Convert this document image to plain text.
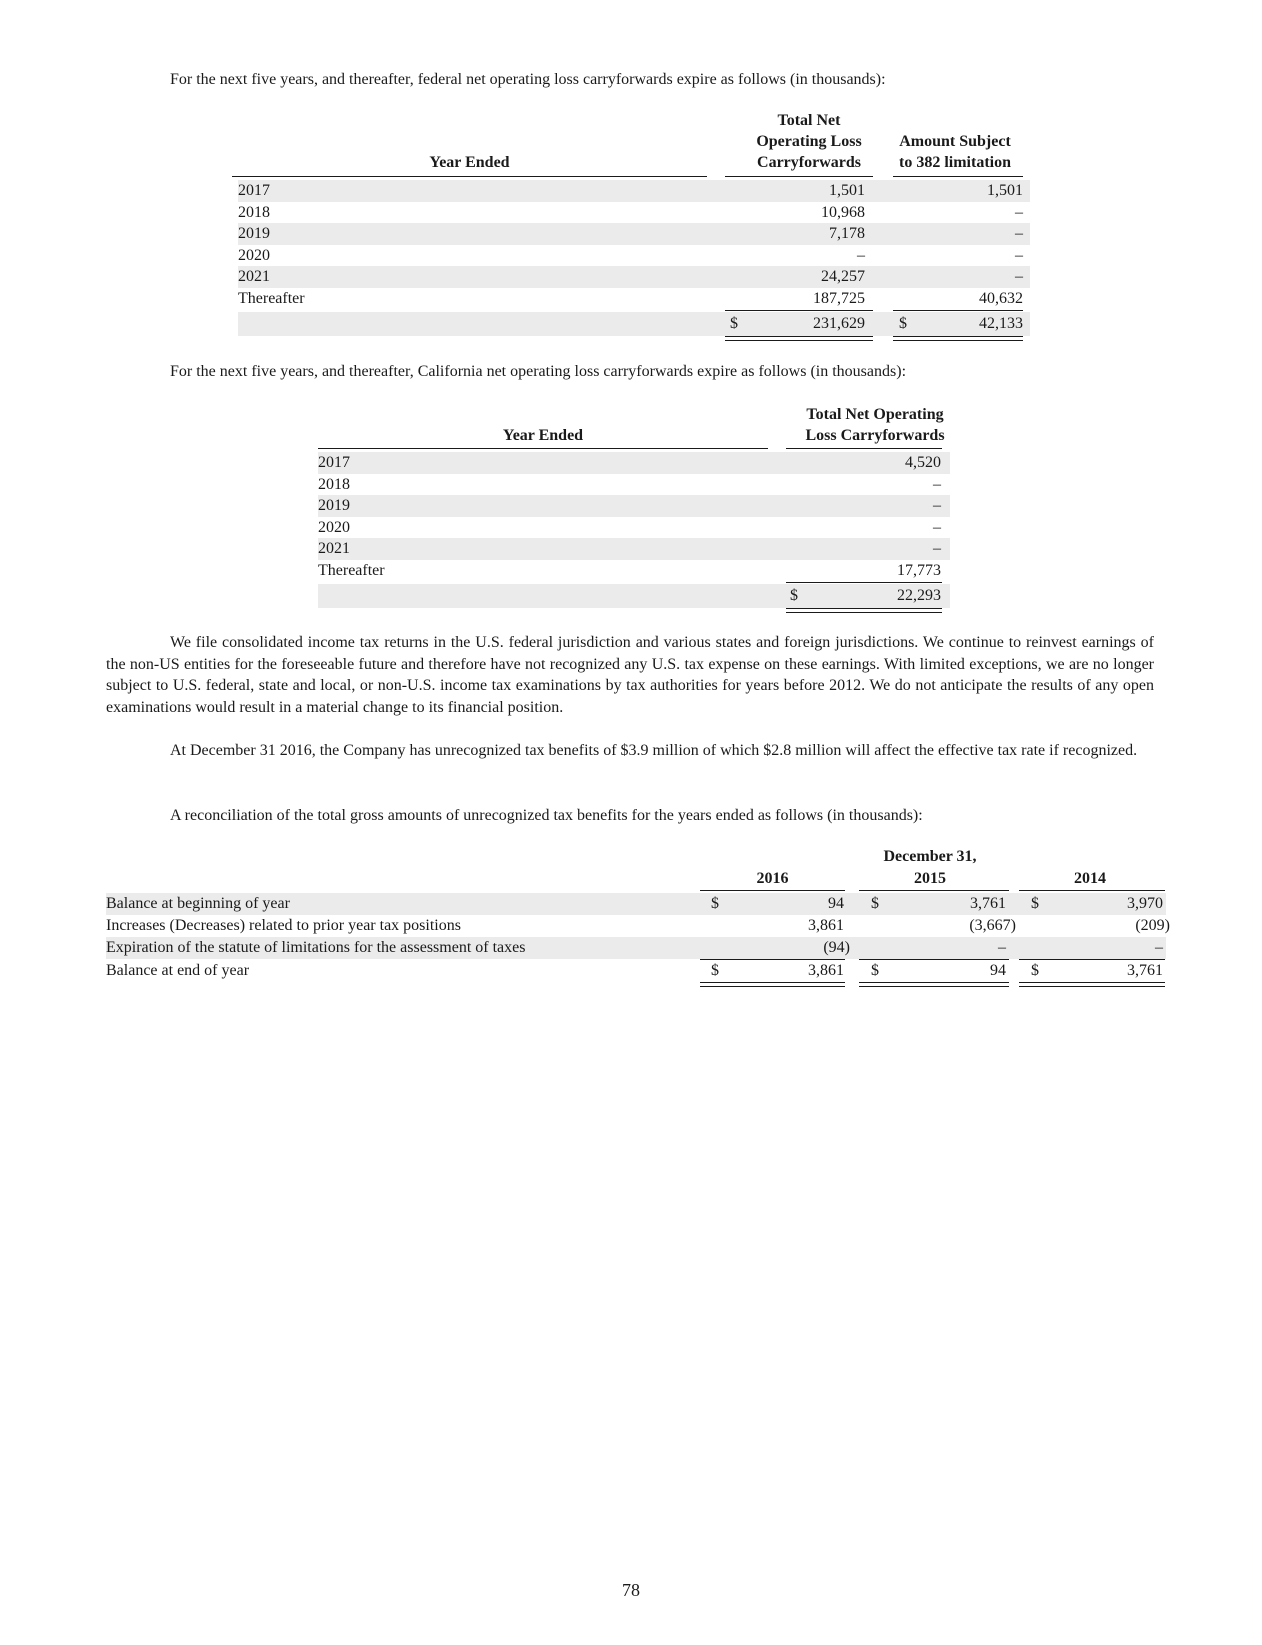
For the next five years, and thereafter, federal net operating loss carryforwards expire as follows (in thousands):
Total Net
Operating Loss
Carryforwards
Amount Subject
to 382 limitation
Year Ended
2017	1,501	1,501
2018	10,968	–
2019	7,178	–
2020	–	–
2021	24,257	–
Thereafter	187,725	40,632
$	231,629 $	42,133
For the next five years, and thereafter, California net operating loss carryforwards expire as follows (in thousands):
Total Net Operating
Loss Carryforwards
Year Ended
2017	4,520
2018	–
2019	–
2020	–
2021	–
Thereafter	17,773
$	22,293
We file consolidated income tax returns in the U.S. federal jurisdiction and various states and foreign jurisdictions. We continue to reinvest earnings of the non-US entities for the foreseeable future and therefore have not recognized any U.S. tax expense on these earnings. With limited exceptions, we are no longer subject to U.S. federal, state and local, or non-U.S. income tax examinations by tax authorities for years before 2012. We do not anticipate the results of any open examinations would result in a material change to its financial position.
At December 31 2016, the Company has unrecognized tax benefits of $3.9 million of which $2.8 million will affect the effective tax rate if recognized.
A reconciliation of the total gross amounts of unrecognized tax benefits for the years ended as follows (in thousands):
December 31,
2016	2015	2014
Balance at beginning of year	$	94 $	3,761 $	3,970
Increases (Decreases) related to prior year tax positions	3,861	(3,667)	(209)
Expiration of the statute of limitations for the assessment of taxes	(94)	–	–
Balance at end of year	$	3,861 $	94 $	3,761
78
